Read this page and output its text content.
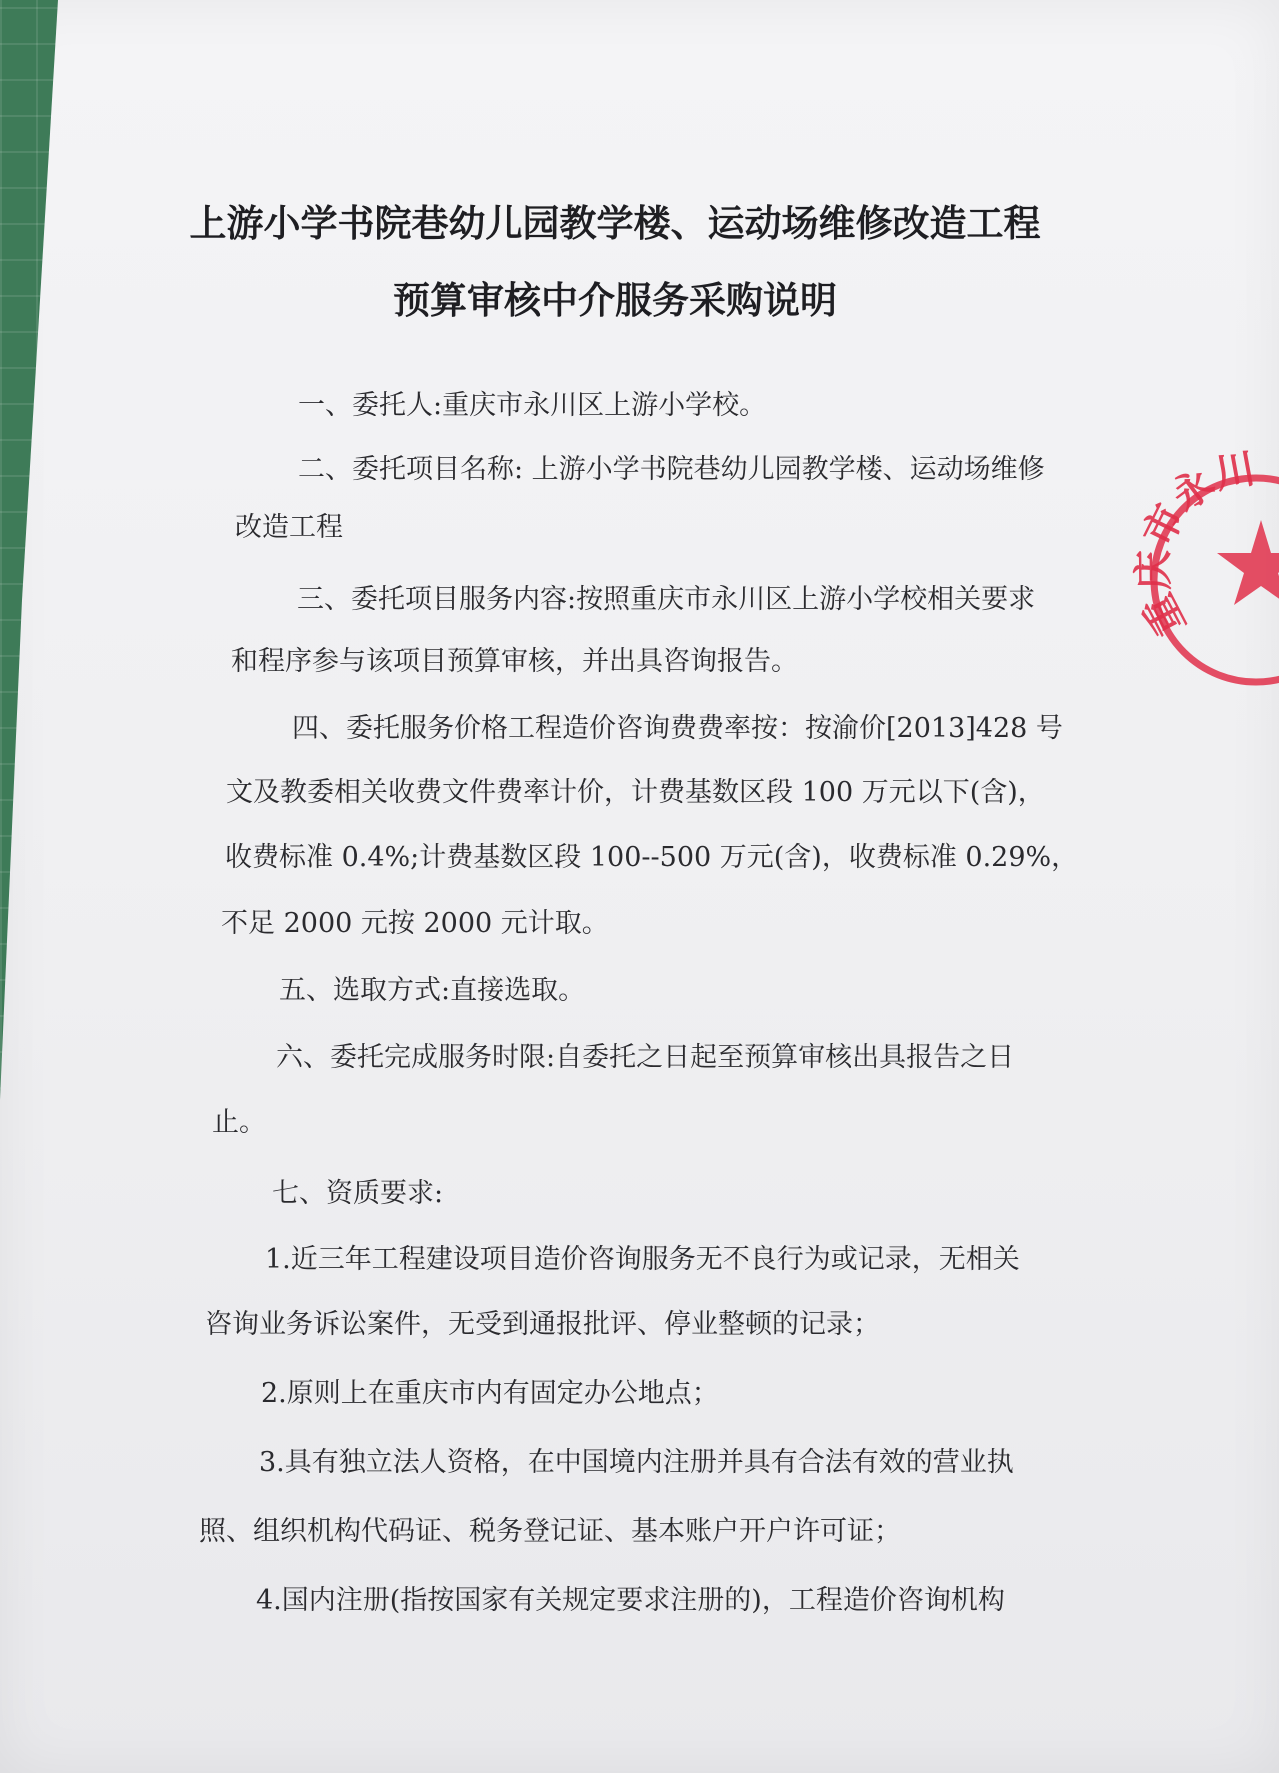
上游小学书院巷幼儿园教学楼、运动场维修改造工程
预算审核中介服务采购说明
一、委托人:重庆市永川区上游小学校。
二、委托项目名称: 上游小学书院巷幼儿园教学楼、运动场维修
改造工程
三、委托项目服务内容:按照重庆市永川区上游小学校相关要求
和程序参与该项目预算审核，并出具咨询报告。
四、委托服务价格工程造价咨询费费率按：按渝价[2013]428 号
文及教委相关收费文件费率计价，计费基数区段 100 万元以下(含)，
收费标准 0.4%;计费基数区段 100--500 万元(含)，收费标准 0.29%，
不足 2000 元按 2000 元计取。
五、选取方式:直接选取。
六、委托完成服务时限:自委托之日起至预算审核出具报告之日
止。
七、资质要求:
1.近三年工程建设项目造价咨询服务无不良行为或记录，无相关
咨询业务诉讼案件，无受到通报批评、停业整顿的记录；
2.原则上在重庆市内有固定办公地点；
3.具有独立法人资格，在中国境内注册并具有合法有效的营业执
照、组织机构代码证、税务登记证、基本账户开户许可证；
4.国内注册(指按国家有关规定要求注册的)，工程造价咨询机构
重庆市永川
